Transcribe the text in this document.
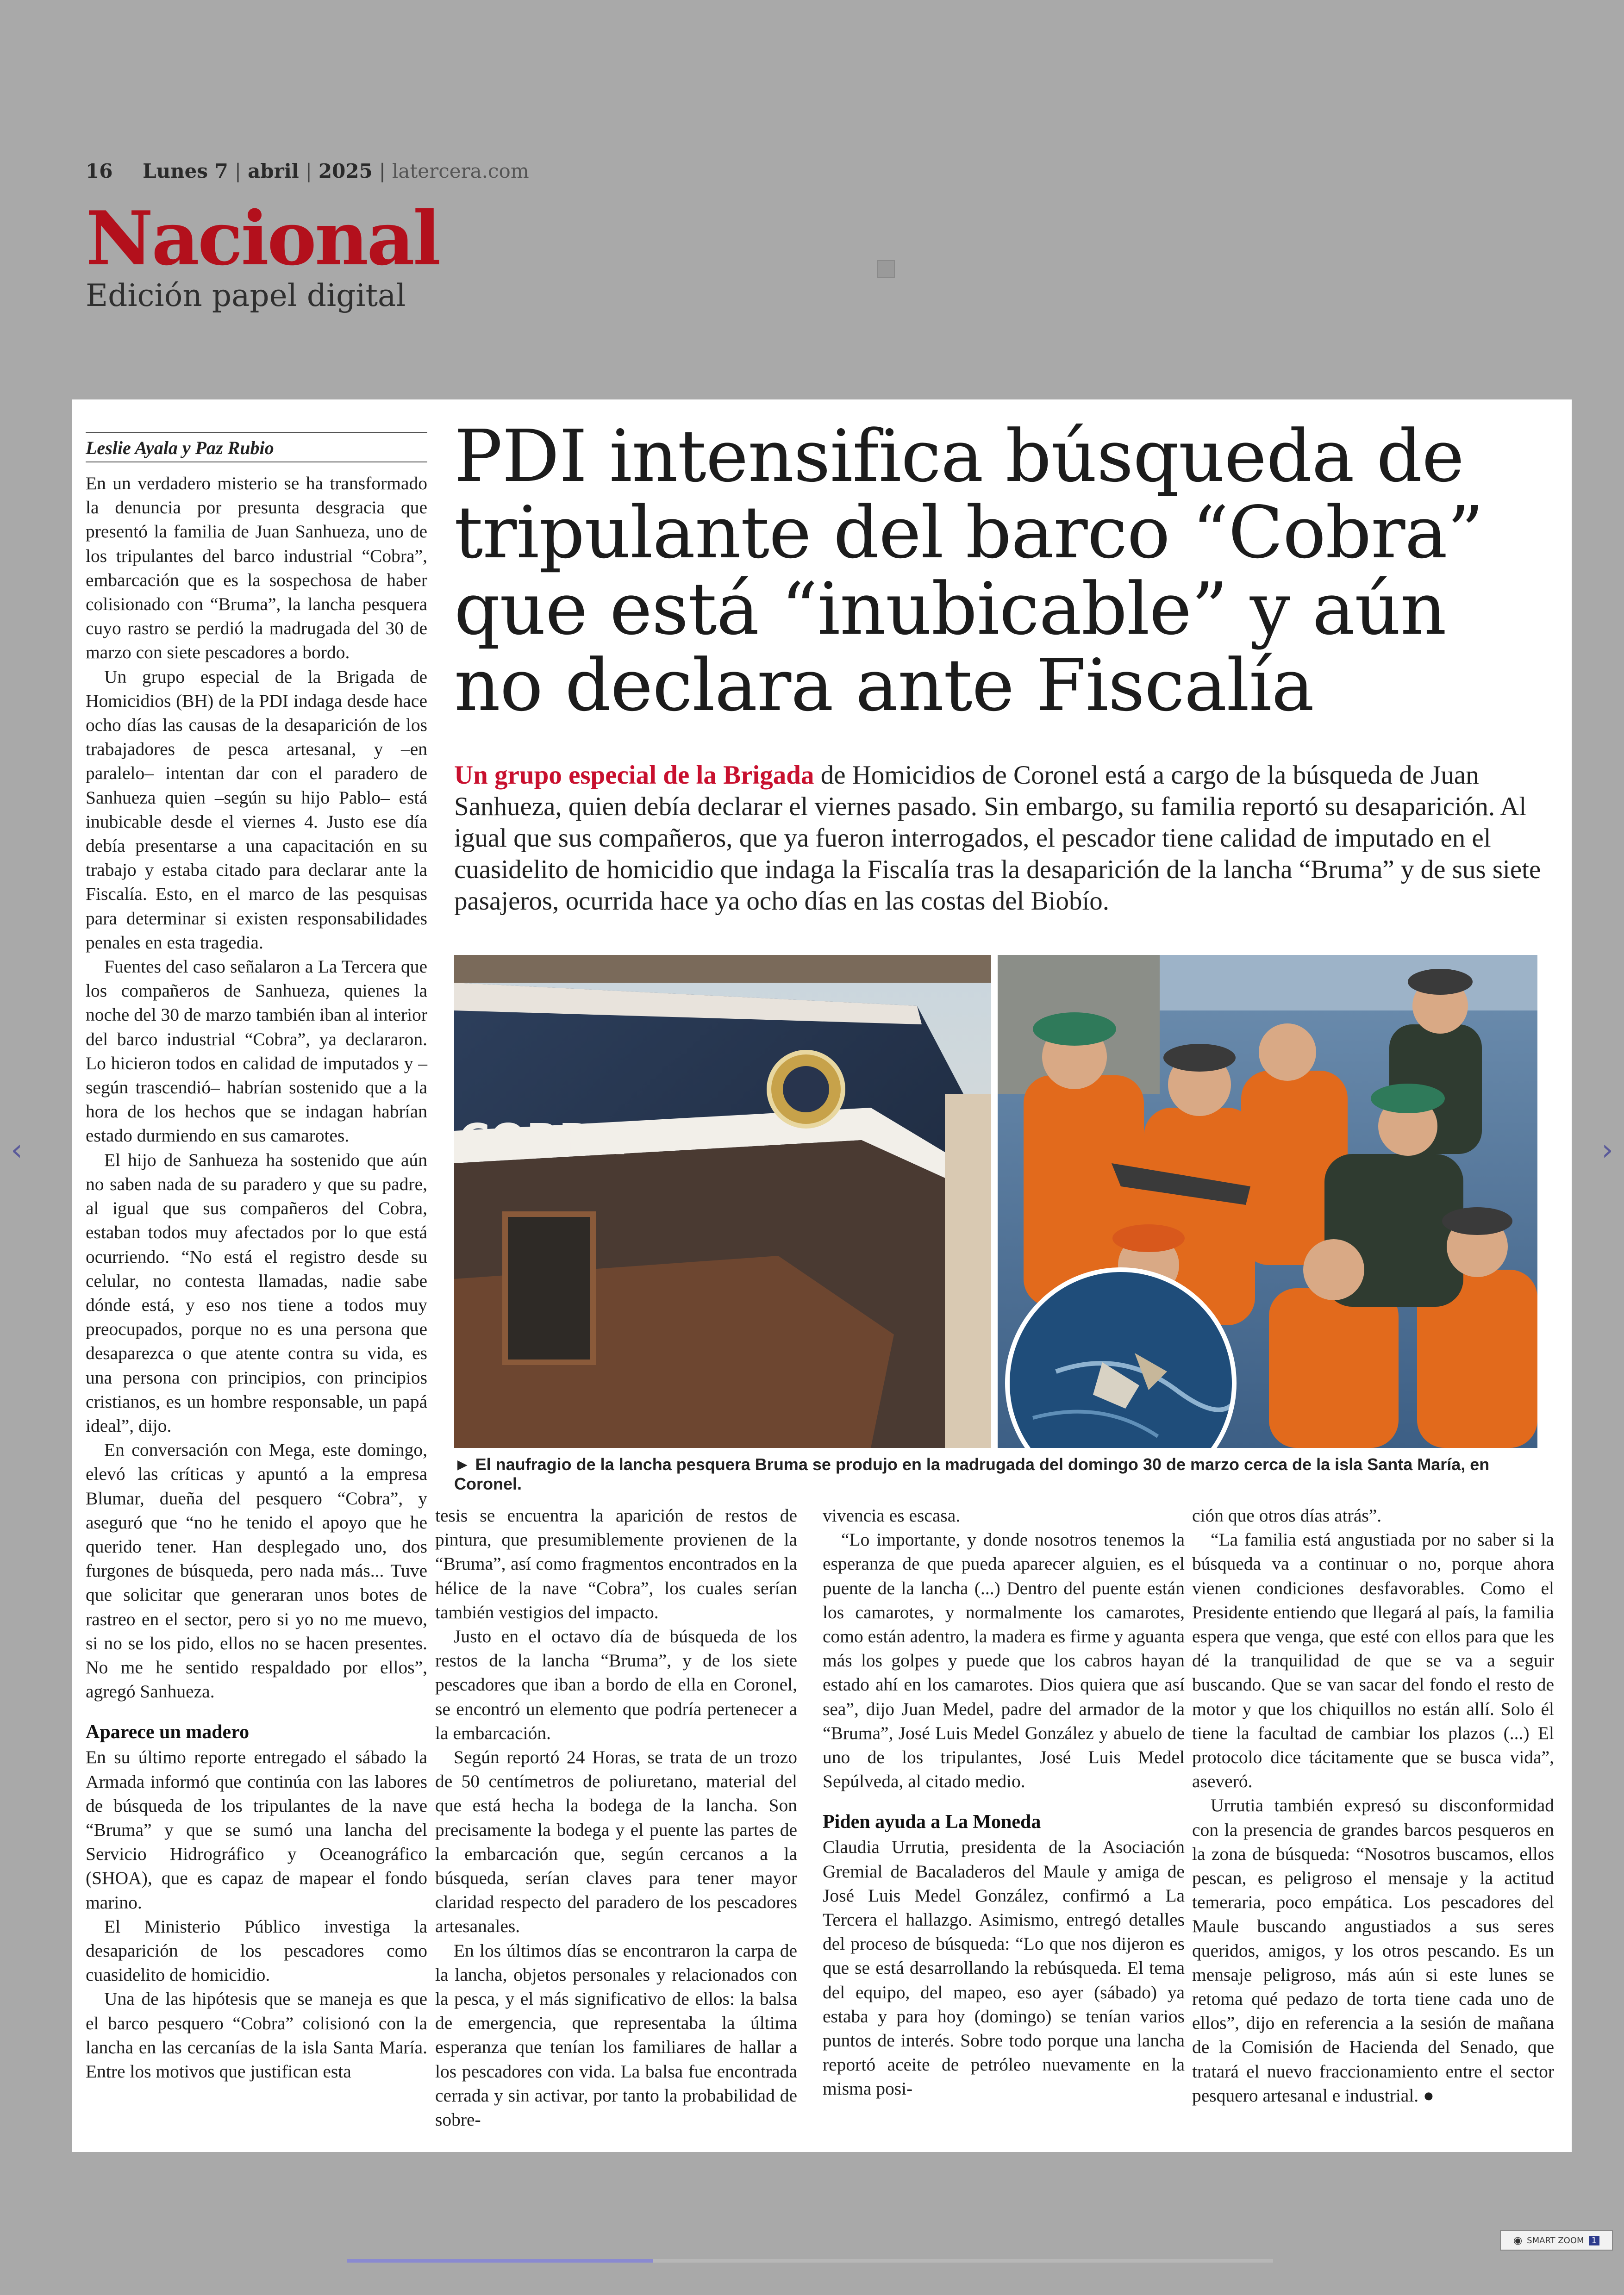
16 Lunes 7 | abril | 2025 | latercera.com
Nacional
Edición papel digital
‹	›
Leslie Ayala y Paz Rubio

En un verdadero misterio se ha transformado la denuncia por presunta desgracia que presentó la familia de Juan Sanhueza, uno de los tripulantes del barco industrial “Cobra”, embarcación que es la sospechosa de haber colisionado con “Bruma”, la lancha pesquera cuyo rastro se perdió la madrugada del 30 de marzo con siete pescadores a bordo.

Un grupo especial de la Brigada de Homicidios (BH) de la PDI indaga desde hace ocho días las causas de la desaparición de los trabajadores de pesca artesanal, y –en paralelo– intentan dar con el paradero de Sanhueza quien –según su hijo Pablo– está inubicable desde el viernes 4. Justo ese día debía presentarse a una capacitación en su trabajo y estaba citado para declarar ante la Fiscalía. Esto, en el marco de las pesquisas para determinar si existen responsabilidades penales en esta tragedia.

Fuentes del caso señalaron a La Tercera que los compañeros de Sanhueza, quienes la noche del 30 de marzo también iban al interior del barco industrial “Cobra”, ya declararon. Lo hicieron todos en calidad de imputados y –según trascendió– habrían sostenido que a la hora de los hechos que se indagan habrían estado durmiendo en sus camarotes.

El hijo de Sanhueza ha sostenido que aún no saben nada de su paradero y que su padre, al igual que sus compañeros del Cobra, estaban todos muy afectados por lo que está ocurriendo. “No está el registro desde su celular, no contesta llamadas, nadie sabe dónde está, y eso nos tiene a todos muy preocupados, porque no es una persona que desaparezca o que atente contra su vida, es una persona con principios, con principios cristianos, es un hombre responsable, un papá ideal”, dijo.

En conversación con Mega, este domingo, elevó las críticas y apuntó a la empresa Blumar, dueña del pesquero “Cobra”, y aseguró que “no he tenido el apoyo que he querido tener. Han desplegado uno, dos furgones de búsqueda, pero nada más... Tuve que solicitar que generaran unos botes de rastreo en el sector, pero si yo no me muevo, si no se los pido, ellos no se hacen presentes. No me he sentido respaldado por ellos”, agregó Sanhueza.

Aparece un madero

En su último reporte entregado el sábado la Armada informó que continúa con las labores de búsqueda de los tripulantes de la nave “Bruma” y que se sumó una lancha del Servicio Hidrográfico y Oceanográfico (SHOA), que es capaz de mapear el fondo marino.

El Ministerio Público investiga la desaparición de los pescadores como cuasidelito de homicidio.

Una de las hipótesis que se maneja es que el barco pesquero “Cobra” colisionó con la lancha en las cercanías de la isla Santa María. Entre los motivos que justifican esta

PDI intensifica búsqueda de tripulante del barco “Cobra” que está “inubicable” y aún no declara ante Fiscalía
Un grupo especial de la Brigada de Homicidios de Coronel está a cargo de la búsqueda de Juan Sanhueza, quien debía declarar el viernes pasado. Sin embargo, su familia reportó su desaparición. Al igual que sus compañeros, que ya fueron interrogados, el pescador tiene calidad de imputado en el cuasidelito de homicidio que indaga la Fiscalía tras la desaparición de la lancha “Bruma” y de sus siete pasajeros, ocurrida hace ya ocho días en las costas del Biobío.
COBRA
► El naufragio de la lancha pesquera Bruma se produjo en la madrugada del domingo 30 de marzo cerca de la isla Santa María, en Coronel.

tesis se encuentra la aparición de restos de pintura, que presumiblemente provienen de la “Bruma”, así como fragmentos encontrados en la hélice de la nave “Cobra”, los cuales serían también vestigios del impacto.

Justo en el octavo día de búsqueda de los restos de la lancha “Bruma”, y de los siete pescadores que iban a bordo de ella en Coronel, se encontró un elemento que podría pertenecer a la embarcación.

Según reportó 24 Horas, se trata de un trozo de 50 centímetros de poliuretano, material del que está hecha la bodega de la lancha. Son precisamente la bodega y el puente las partes de la embarcación que, según cercanos a la búsqueda, serían claves para tener mayor claridad respecto del paradero de los pescadores artesanales.

En los últimos días se encontraron la carpa de la lancha, objetos personales y relacionados con la pesca, y el más significativo de ellos: la balsa de emergencia, que representaba la última esperanza que tenían los familiares de hallar a los pescadores con vida. La balsa fue encontrada cerrada y sin activar, por tanto la probabilidad de sobre-

vivencia es escasa.

“Lo importante, y donde nosotros tenemos la esperanza de que pueda aparecer alguien, es el puente de la lancha (...) Dentro del puente están los camarotes, y normalmente los camarotes, como están adentro, la madera es firme y aguanta más los golpes y puede que los cabros hayan estado ahí en los camarotes. Dios quiera que así sea”, dijo Juan Medel, padre del armador de la “Bruma”, José Luis Medel González y abuelo de uno de los tripulantes, José Luis Medel Sepúlveda, al citado medio.

Piden ayuda a La Moneda

Claudia Urrutia, presidenta de la Asociación Gremial de Bacaladeros del Maule y amiga de José Luis Medel González, confirmó a La Tercera el hallazgo. Asimismo, entregó detalles del proceso de búsqueda: “Lo que nos dijeron es que se está desarrollando la rebúsqueda. El tema del equipo, del mapeo, eso ayer (sábado) ya estaba y para hoy (domingo) se tenían varios puntos de interés. Sobre todo porque una lancha reportó aceite de petróleo nuevamente en la misma posi-

ción que otros días atrás”.

“La familia está angustiada por no saber si la búsqueda va a continuar o no, porque ahora vienen condiciones desfavorables. Como el Presidente entiendo que llegará al país, la familia espera que venga, que esté con ellos para que les dé la tranquilidad de que se va a seguir buscando. Que se van sacar del fondo el resto de motor y que los chiquillos no están allí. Solo él tiene la facultad de cambiar los plazos (...) El protocolo dice tácitamente que se busca vida”, aseveró.

Urrutia también expresó su disconformidad con la presencia de grandes barcos pesqueros en la zona de búsqueda: “Nosotros buscamos, ellos pescan, es peligroso el mensaje y la actitud temeraria, poco empática. Los pescadores del Maule buscando angustiados a sus seres queridos, amigos, y los otros pescando. Es un mensaje peligroso, más aún si este lunes se retoma qué pedazo de torta tiene cada uno de ellos”, dijo en referencia a la sesión de mañana de la Comisión de Hacienda del Senado, que tratará el nuevo fraccionamiento entre el sector pesquero artesanal e industrial. ●

◉ SMART ZOOM 1
